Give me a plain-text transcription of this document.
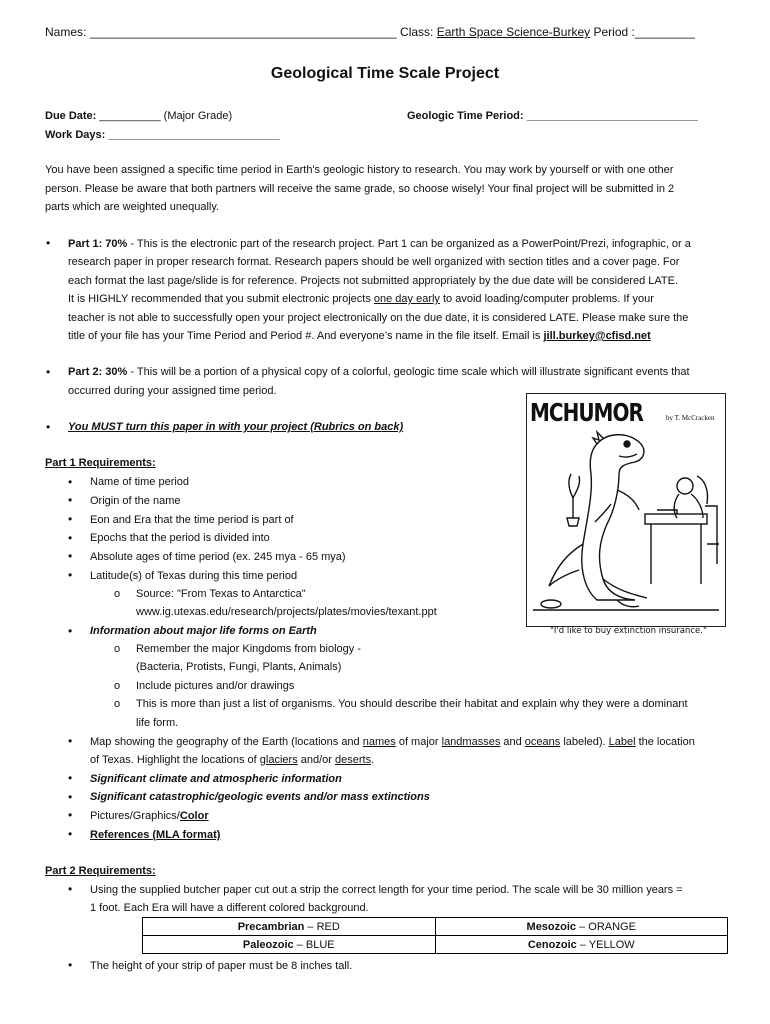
Names: ______________________________________________ Class: Earth Space Science-Burkey Period :_________
Geological Time Scale Project
Due Date: __________ (Major Grade)	Geologic Time Period: ____________________________
Work Days: ____________________________
You have been assigned a specific time period in Earth's geologic history to research. You may work by yourself or with one other
person. Please be aware that both partners will receive the same grade, so choose wisely! Your final project will be submitted in 2
parts which are weighted unequally.
• Part 1: 70% - This is the electronic part of the research project. Part 1 can be organized as a PowerPoint/Prezi, infographic, or a
research paper in proper research format. Research papers should be well organized with section titles and a cover page. For
each format the last page/slide is for reference. Projects not submitted appropriately by the due date will be considered LATE.
It is HIGHLY recommended that you submit electronic projects one day early to avoid loading/computer problems. If your
teacher is not able to successfully open your project electronically on the due date, it is considered LATE. Please make sure the
title of your file has your Time Period and Period #. And everyone’s name in the file itself. Email is jill.burkey@cfisd.net
• Part 2: 30% - This will be a portion of a physical copy of a colorful, geologic time scale which will illustrate significant events that
occurred during your assigned time period.
• You MUST turn this paper in with your project (Rubrics on back)	MCHUMOR	by T. McCracken
"I'd like to buy extinction insurance."
Part 1 Requirements:
• Name of time period
• Origin of the name
• Eon and Era that the time period is part of
• Epochs that the period is divided into
• Absolute ages of time period (ex. 245 mya - 65 mya)
• Latitude(s) of Texas during this time period
o Source: "From Texas to Antarctica"
www.ig.utexas.edu/research/projects/plates/movies/texant.ppt
• Information about major life forms on Earth
o Remember the major Kingdoms from biology -
(Bacteria, Protists, Fungi, Plants, Animals)
o Include pictures and/or drawings
o This is more than just a list of organisms. You should describe their habitat and explain why they were a dominant
life form.
• Map showing the geography of the Earth (locations and names of major landmasses and oceans labeled). Label the location
of Texas. Highlight the locations of glaciers and/or deserts.
• Significant climate and atmospheric information
• Significant catastrophic/geologic events and/or mass extinctions
• Pictures/Graphics/Color
• References (MLA format)
Part 2 Requirements:
• Using the supplied butcher paper cut out a strip the correct length for your time period. The scale will be 30 million years =
1 foot. Each Era will have a different colored background.
Precambrian – RED	Mesozoic – ORANGE
Paleozoic – BLUE	Cenozoic – YELLOW
• The height of your strip of paper must be 8 inches tall.
